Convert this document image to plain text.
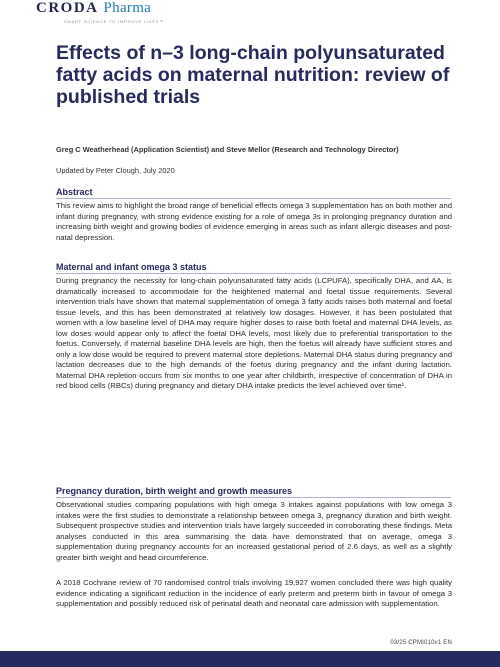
CRODA Pharma
SMART SCIENCE TO IMPROVE LIVES™
Effects of n–3 long-chain polyunsaturated fatty acids on maternal nutrition: review of published trials
Greg C Weatherhead (Application Scientist) and Steve Mellor (Research and Technology Director)
Updated by Peter Clough, July 2020
Abstract

This review aims to highlight the broad range of beneficial effects omega 3 supplementation has on both mother and infant during pregnancy, with strong evidence existing for a role of omega 3s in prolonging pregnancy duration and increasing birth weight and growing bodies of evidence emerging in areas such as infant allergic diseases and post-natal depression.

Maternal and infant omega 3 status

During pregnancy the necessity for long-chain polyunsaturated fatty acids (LCPUFA), specifically DHA, and AA, is dramatically increased to accommodate for the heightened maternal and foetal tissue requirements. Several intervention trials have shown that maternal supplementation of omega 3 fatty acids raises both maternal and foetal tissue levels, and this has been demonstrated at relatively low dosages. However, it has been postulated that women with a low baseline level of DHA may require higher doses to raise both foetal and maternal DHA levels, as low doses would appear only to affect the foetal DHA levels, most likely due to preferential transportation to the foetus. Conversely, if maternal baseline DHA levels are high, then the foetus will already have sufficient stores and only a low dose would be required to prevent maternal store depletions. Maternal DHA status during pregnancy and lactation decreases due to the high demands of the foetus during pregnancy and the infant during lactation. Maternal DHA repletion occurs from six months to one year after childbirth, irrespective of concentration of DHA in red blood cells (RBCs) during pregnancy and dietary DHA intake predicts the level achieved over time¹.

Pregnancy duration, birth weight and growth measures

Observational studies comparing populations with high omega 3 intakes against populations with low omega 3 intakes were the first studies to demonstrate a relationship between omega 3, pregnancy duration and birth weight. Subsequent prospective studies and intervention trials have largely succeeded in corroborating these findings. Meta analyses conducted in this area summarising the data have demonstrated that on average, omega 3 supplementation during pregnancy accounts for an increased gestational period of 2.6 days, as well as a slightly greater birth weight and head circumference.

A 2018 Cochrane review of 70 randomised control trials involving 19,927 women concluded there was high quality evidence indicating a significant reduction in the incidence of early preterm and preterm birth in favour of omega 3 supplementation and possibly reduced risk of perinatal death and neonatal care admission with supplementation.

03/25 CPMI010v1 EN
